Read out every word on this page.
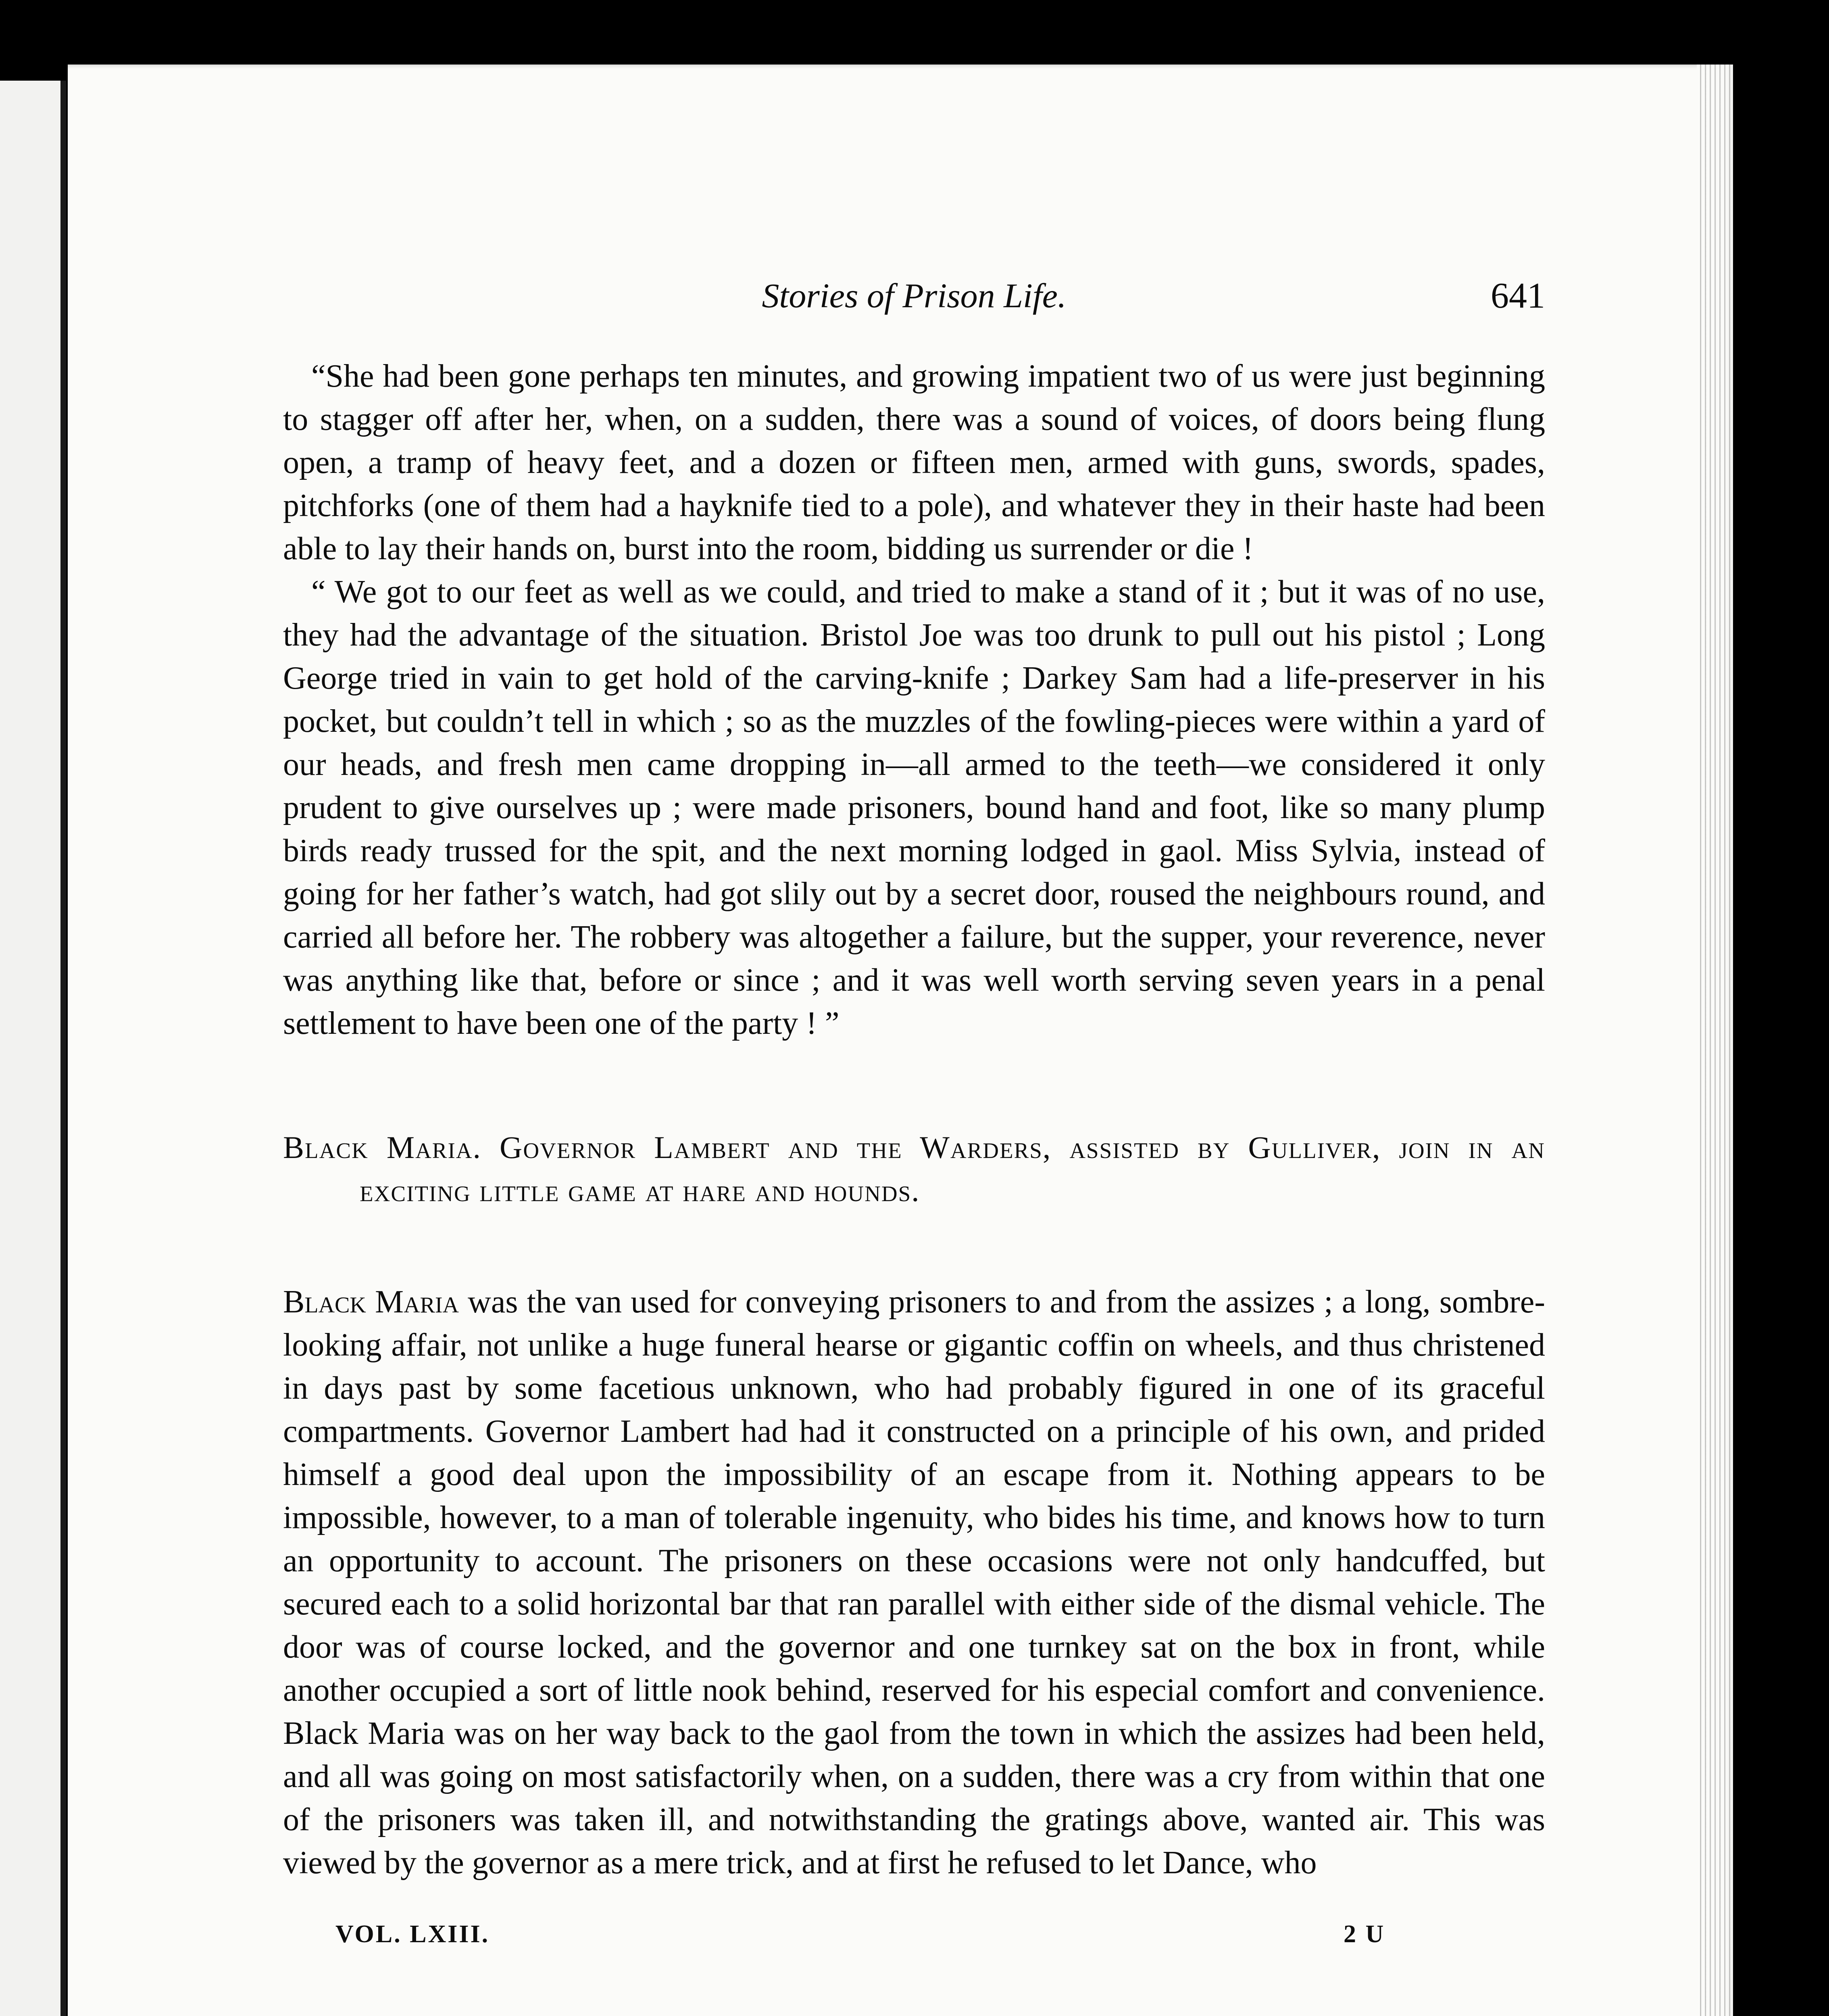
Stories of Prison Life.	641

“She had been gone perhaps ten minutes, and growing impatient two of us were just beginning to stagger off after her, when, on a sudden, there was a sound of voices, of doors being flung open, a tramp of heavy feet, and a dozen or fifteen men, armed with guns, swords, spades, pitchforks (one of them had a hayknife tied to a pole), and whatever they in their haste had been able to lay their hands on, burst into the room, bidding us surrender or die !

“ We got to our feet as well as we could, and tried to make a stand of it ; but it was of no use, they had the advantage of the situation. Bristol Joe was too drunk to pull out his pistol ; Long George tried in vain to get hold of the carving-knife ; Darkey Sam had a life-preserver in his pocket, but couldn’t tell in which ; so as the muzzles of the fowling-pieces were within a yard of our heads, and fresh men came dropping in—all armed to the teeth—we considered it only prudent to give ourselves up ; were made prisoners, bound hand and foot, like so many plump birds ready trussed for the spit, and the next morning lodged in gaol. Miss Sylvia, instead of going for her father’s watch, had got slily out by a secret door, roused the neighbours round, and carried all before her. The robbery was altogether a failure, but the supper, your reverence, never was anything like that, before or since ; and it was well worth serving seven years in a penal settlement to have been one of the party ! ”

Black Maria. Governor Lambert and the Warders, assisted by Gulliver, join in an exciting little game at hare and hounds.

Black Maria was the van used for conveying prisoners to and from the assizes ; a long, sombre-looking affair, not unlike a huge funeral hearse or gigantic coffin on wheels, and thus christened in days past by some facetious unknown, who had probably figured in one of its graceful compartments. Governor Lambert had had it constructed on a principle of his own, and prided himself a good deal upon the impossibility of an escape from it. Nothing appears to be impossible, however, to a man of tolerable ingenuity, who bides his time, and knows how to turn an opportunity to account. The prisoners on these occasions were not only handcuffed, but secured each to a solid horizontal bar that ran parallel with either side of the dismal vehicle. The door was of course locked, and the governor and one turnkey sat on the box in front, while another occupied a sort of little nook behind, reserved for his especial comfort and convenience. Black Maria was on her way back to the gaol from the town in which the assizes had been held, and all was going on most satisfactorily when, on a sudden, there was a cry from within that one of the prisoners was taken ill, and notwithstanding the gratings above, wanted air. This was viewed by the governor as a mere trick, and at first he refused to let Dance, who

VOL. LXIII.	2 U
